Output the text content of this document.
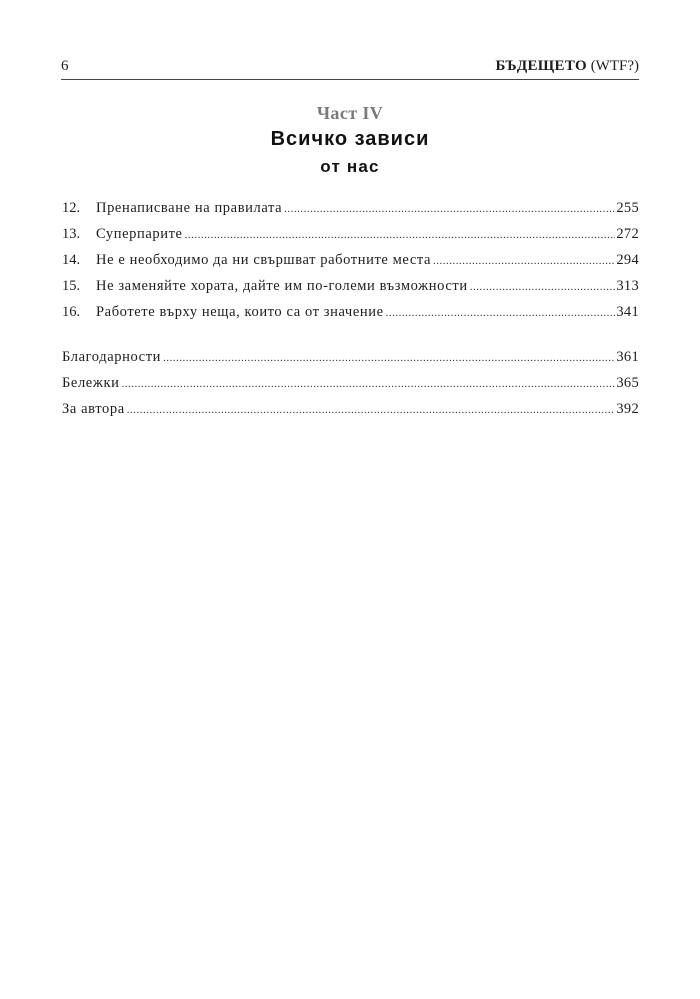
6	БЪДЕЩЕТО (WTF?)
Част IV
Всичко зависи
от нас
12.	Пренаписване на правилата .....	255
13.	Суперпарите .....	272
14.	Не е необходимо да ни свършват работните места .....	294
15.	Не заменяйте хората, дайте им по-големи възможности .....	313
16.	Работете върху неща, които са от значение .....	341
Благодарности .....	361
Бележки .....	365
За автора .....	392
